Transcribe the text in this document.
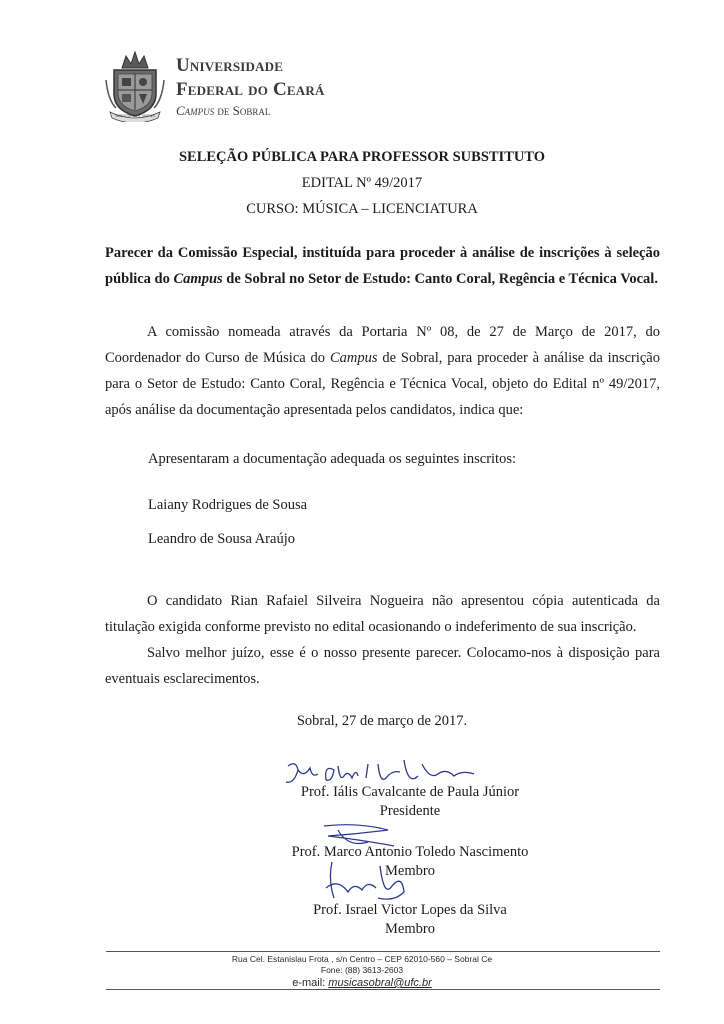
SCIENTIA VIVIT VIRTUS
Universidade
Federal do Ceará
Campus de Sobral
SELEÇÃO PÚBLICA PARA PROFESSOR SUBSTITUTO
EDITAL Nº 49/2017
CURSO: MÚSICA – LICENCIATURA
Parecer da Comissão Especial, instituída para proceder à análise de inscrições à seleção pública do Campus de Sobral no Setor de Estudo: Canto Coral, Regência e Técnica Vocal.
A comissão nomeada através da Portaria Nº 08, de 27 de Março de 2017, do Coordenador do Curso de Música do Campus de Sobral, para proceder à análise da inscrição para o Setor de Estudo: Canto Coral, Regência e Técnica Vocal, objeto do Edital nº 49/2017, após análise da documentação apresentada pelos candidatos, indica que:
Apresentaram a documentação adequada os seguintes inscritos:
Laiany Rodrigues de Sousa
Leandro de Sousa Araújo
O candidato Rian Rafaiel Silveira Nogueira não apresentou cópia autenticada da titulação exigida conforme previsto no edital ocasionando o indeferimento de sua inscrição.
Salvo melhor juízo, esse é o nosso presente parecer. Colocamo-nos à disposição para eventuais esclarecimentos.
Sobral, 27 de março de 2017.
Prof. Iális Cavalcante de Paula Júnior
Presidente
Prof. Marco Antonio Toledo Nascimento
Membro
Prof. Israel Victor Lopes da Silva
Membro
Rua Cel. Estanislau Frota , s/n Centro – CEP 62010-560 – Sobral Ce
Fone: (88) 3613-2603
e-mail: musicasobral@ufc.br
